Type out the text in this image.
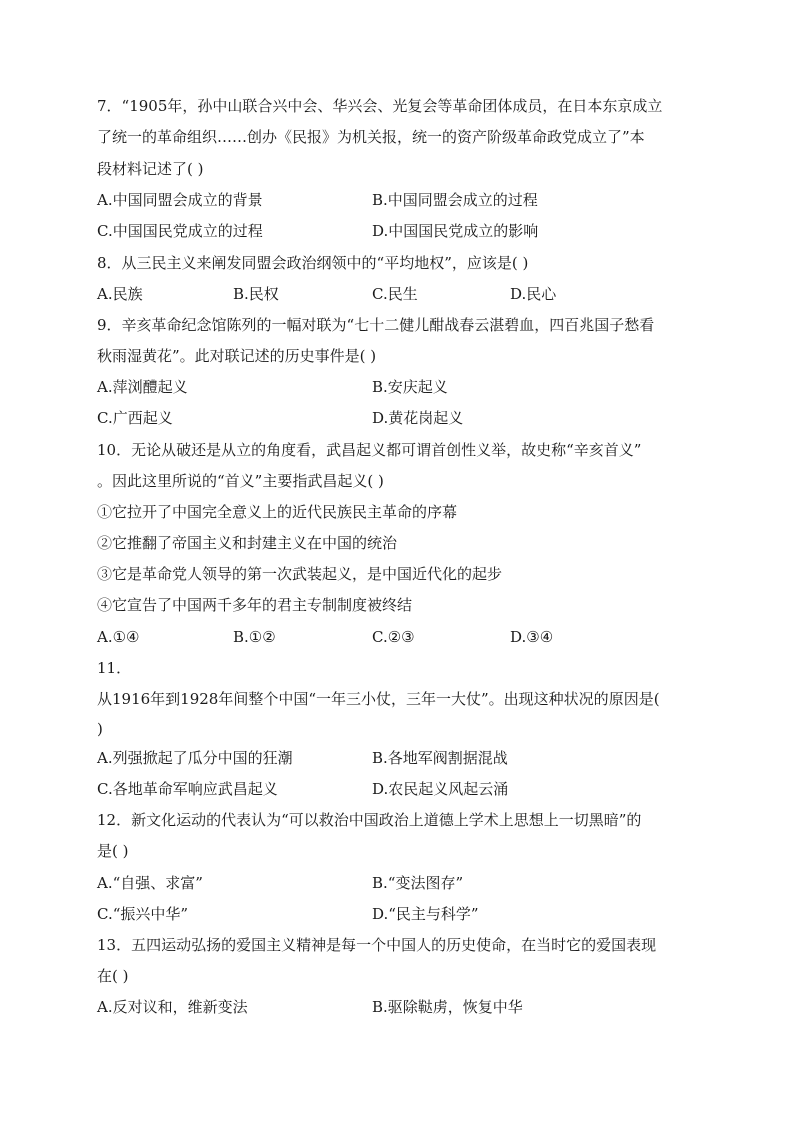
7．“1905年，孙中山联合兴中会、华兴会、光复会等革命团体成员，在日本东京成立
了统一的革命组织……创办《民报》为机关报，统一的资产阶级革命政党成立了”本
段材料记述了( )
A.中国同盟会成立的背景	B.中国同盟会成立的过程
C.中国国民党成立的过程	D.中国国民党成立的影响
8．从三民主义来阐发同盟会政治纲领中的“平均地权”，应该是( )
A.民族	B.民权	C.民生	D.民心
9．辛亥革命纪念馆陈列的一幅对联为“七十二健儿酣战春云湛碧血，四百兆国子愁看
秋雨湿黄花”。此对联记述的历史事件是( )
A.萍浏醴起义	B.安庆起义
C.广西起义	D.黄花岗起义
10．无论从破还是从立的角度看，武昌起义都可谓首创性义举，故史称“辛亥首义”
。因此这里所说的“首义”主要指武昌起义( )
①它拉开了中国完全意义上的近代民族民主革命的序幕
②它推翻了帝国主义和封建主义在中国的统治
③它是革命党人领导的第一次武装起义，是中国近代化的起步
④它宣告了中国两千多年的君主专制制度被终结
A.①④	B.①②	C.②③	D.③④
11．
从1916年到1928年间整个中国“一年三小仗，三年一大仗”。出现这种状况的原因是(
)
A.列强掀起了瓜分中国的狂潮	B.各地军阀割据混战
C.各地革命军响应武昌起义	D.农民起义风起云涌
12．新文化运动的代表认为“可以救治中国政治上道德上学术上思想上一切黑暗”的
是( )
A.“自强、求富”	B.“变法图存”
C.“振兴中华”	D.“民主与科学”
13．五四运动弘扬的爱国主义精神是每一个中国人的历史使命，在当时它的爱国表现
在( )
A.反对议和，维新变法	B.驱除鞑虏，恢复中华
